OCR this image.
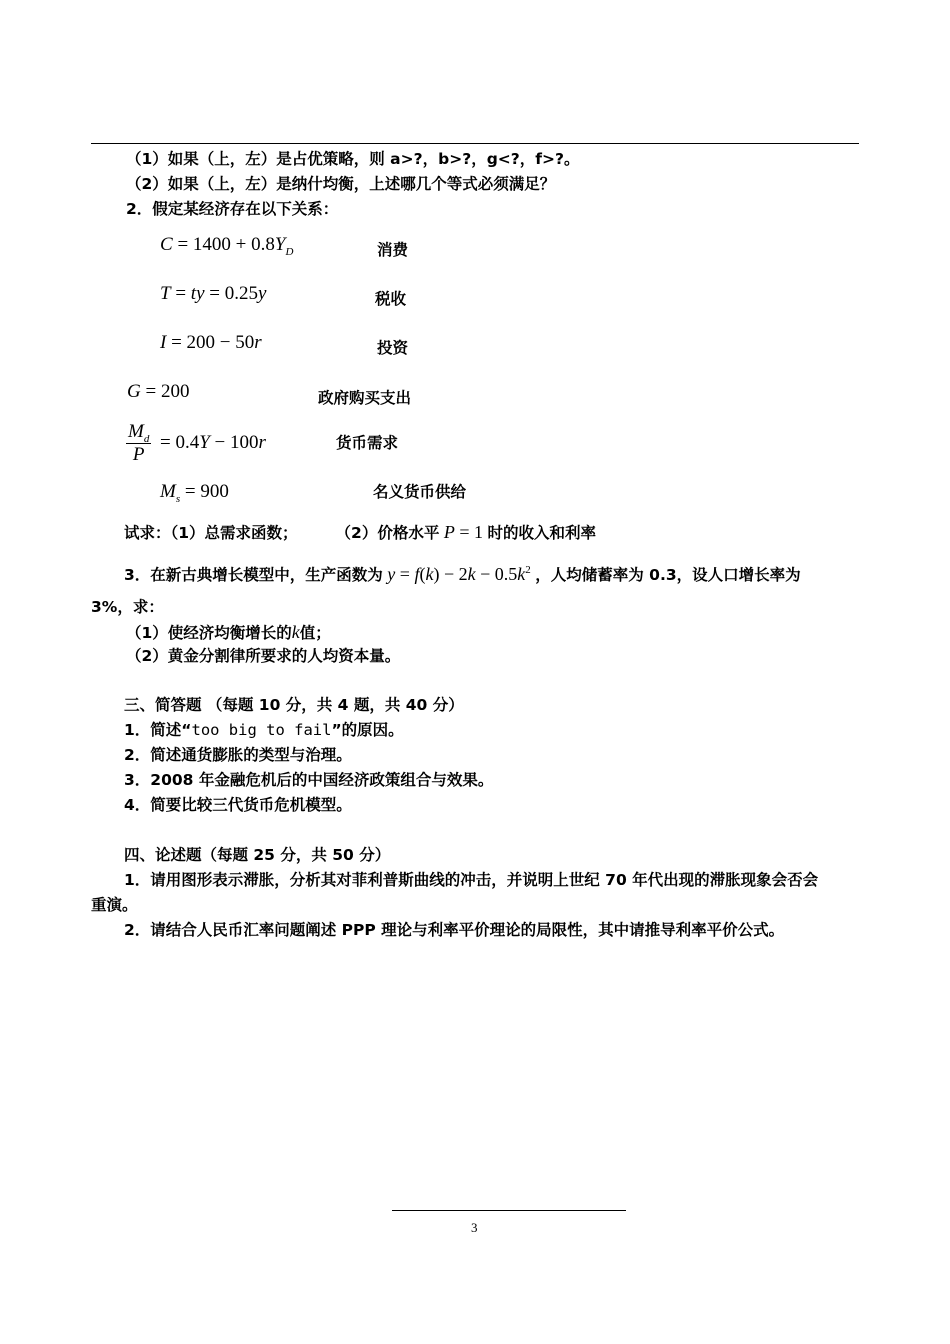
（1）如果（上，左）是占优策略，则 a>?，b>?，g<?，f>?。
（2）如果（上，左）是纳什均衡，上述哪几个等式必须满足？
2．假定某经济存在以下关系：
$C = 1400 + 0.8Y_D$	消费
T = ty = 0.25y	税收
I = 200 − 50r	投资
G = 200	政府购买支出
$M_d$
P
= 0.4Y − 100r	货币需求
$M_s = 900$	名义货币供给
试求：（1）总需求函数； （2）价格水平 P = 1 时的收入和利率
3．在新古典增长模型中，生产函数为 $y = f(k) - 2k - 0.5k^2$ ，人均储蓄率为 0.3，设人口增长率为
3%，求：
（1）使经济均衡增长的k值；
（2）黄金分割律所要求的人均资本量。
三、简答题 （每题 10 分，共 4 题，共 40 分）
1．简述“too big to fail”的原因。
2．简述通货膨胀的类型与治理。
3．2008 年金融危机后的中国经济政策组合与效果。
4．简要比较三代货币危机模型。
四、论述题（每题 25 分，共 50 分）
1．请用图形表示滞胀，分析其对菲利普斯曲线的冲击，并说明上世纪 70 年代出现的滞胀现象会否会
重演。
2．请结合人民币汇率问题阐述 PPP 理论与利率平价理论的局限性，其中请推导利率平价公式。
3
